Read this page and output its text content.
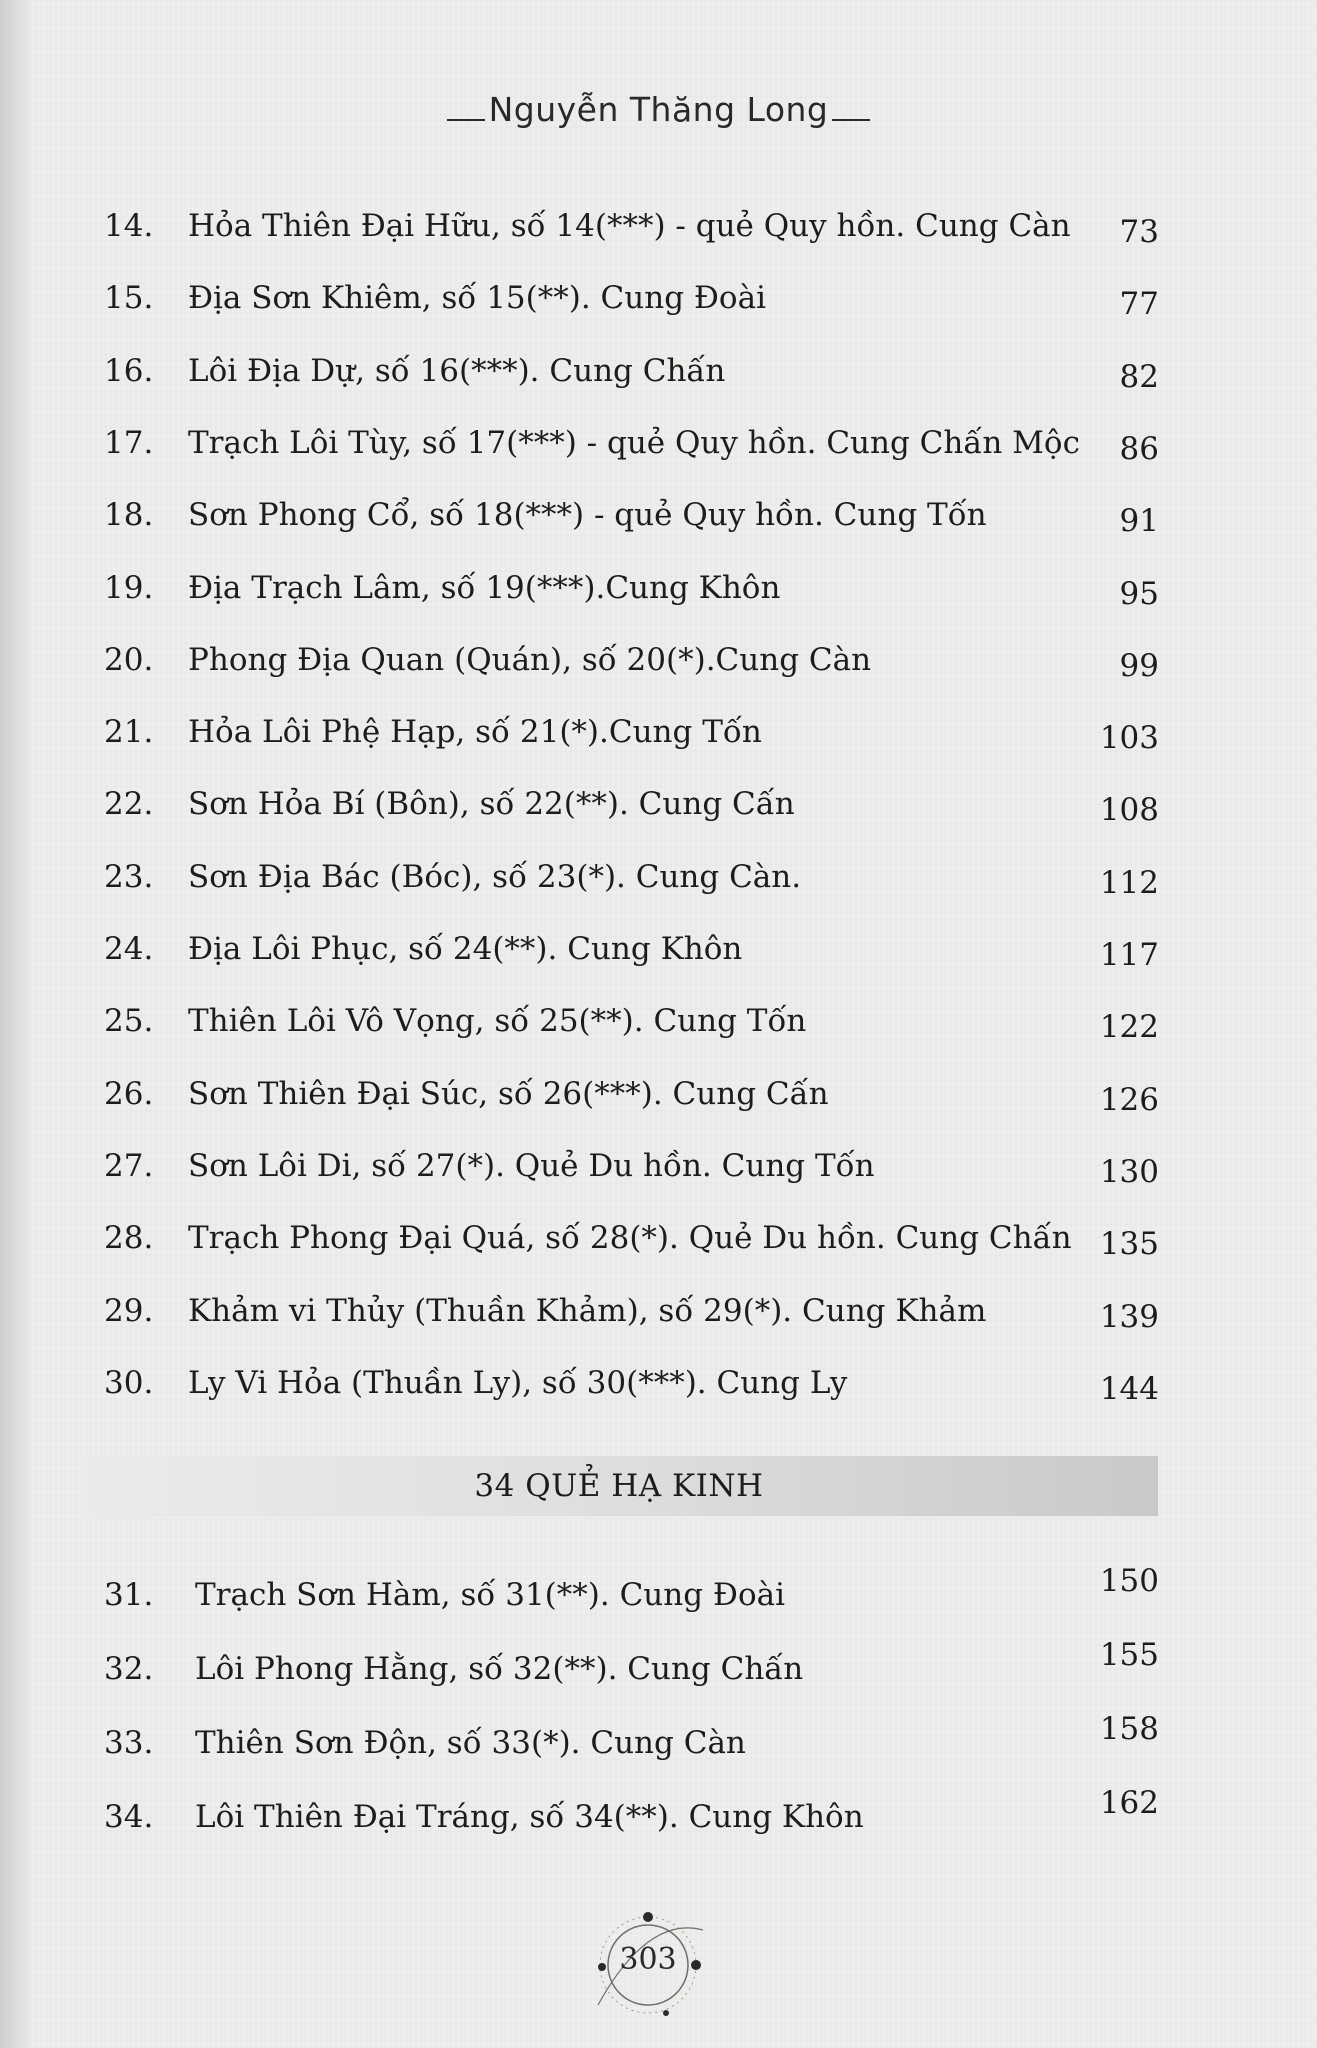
Nguyễn Thăng Long
14. Hỏa Thiên Đại Hữu, số 14(***) - quẻ Quy hồn. Cung Càn 73
15. Địa Sơn Khiêm, số 15(**). Cung Đoài	77
16. Lôi Địa Dự, số 16(***). Cung Chấn	82
17. Trạch Lôi Tùy, số 17(***) - quẻ Quy hồn. Cung Chấn Mộc 86
18. Sơn Phong Cổ, số 18(***) - quẻ Quy hồn. Cung Tốn	91
19. Địa Trạch Lâm, số 19(***).Cung Khôn	95
20. Phong Địa Quan (Quán), số 20(*).Cung Càn	99
21. Hỏa Lôi Phệ Hạp, số 21(*).Cung Tốn	103
22. Sơn Hỏa Bí (Bôn), số 22(**). Cung Cấn	108
23. Sơn Địa Bác (Bóc), số 23(*). Cung Càn.	112
24. Địa Lôi Phục, số 24(**). Cung Khôn	117
25. Thiên Lôi Vô Vọng, số 25(**). Cung Tốn	122
26. Sơn Thiên Đại Súc, số 26(***). Cung Cấn	126
27. Sơn Lôi Di, số 27(*). Quẻ Du hồn. Cung Tốn	130
28. Trạch Phong Đại Quá, số 28(*). Quẻ Du hồn. Cung Chấn 135
29. Khảm vi Thủy (Thuần Khảm), số 29(*). Cung Khảm	139
30. Ly Vi Hỏa (Thuần Ly), số 30(***). Cung Ly	144
34 QUẺ HẠ KINH
31. Trạch Sơn Hàm, số 31(**). Cung Đoài	150
32. Lôi Phong Hằng, số 32(**). Cung Chấn	155
33. Thiên Sơn Độn, số 33(*). Cung Càn	158
34. Lôi Thiên Đại Tráng, số 34(**). Cung Khôn	162
303
